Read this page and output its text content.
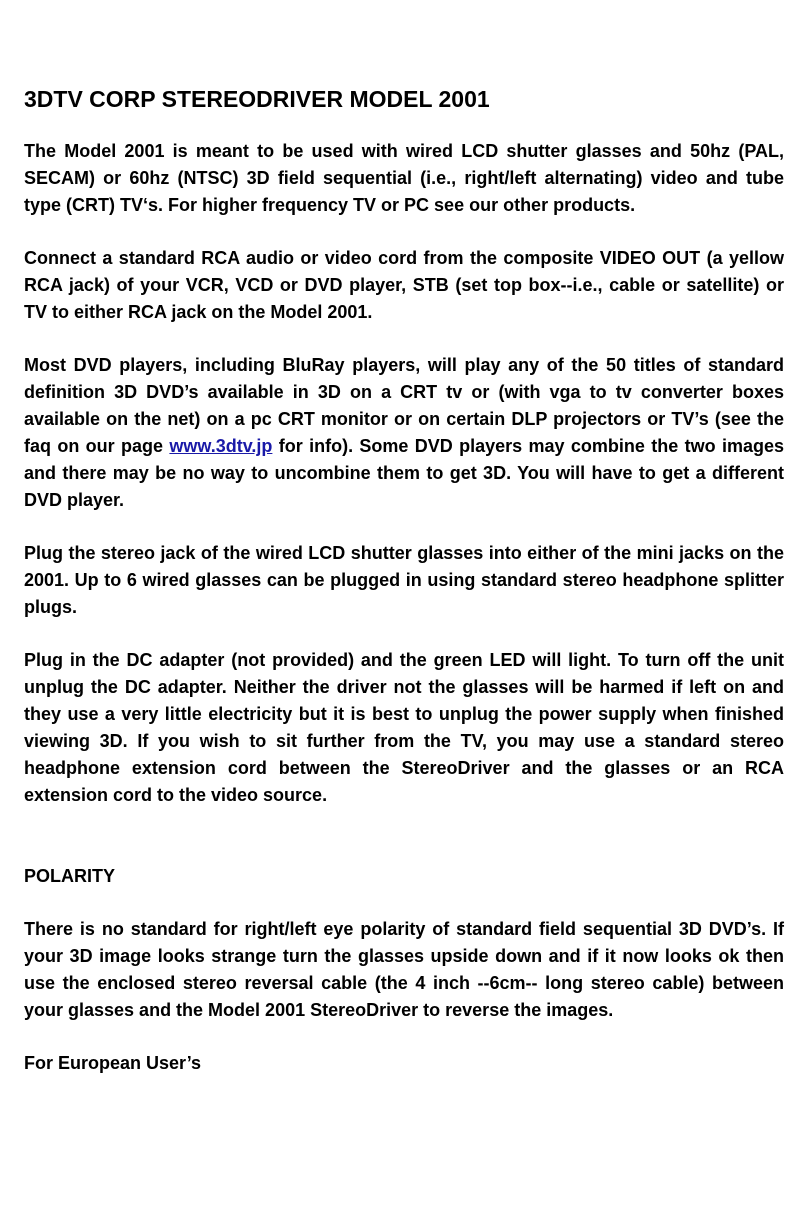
3DTV CORP STEREODRIVER MODEL 2001

The Model 2001 is meant to be used with wired LCD shutter glasses and 50hz (PAL, SECAM) or 60hz (NTSC) 3D field sequential (i.e., right/left alternating) video and tube type (CRT) TV‘s. For higher frequency TV or PC see our other products.

Connect a standard RCA audio or video cord from the composite VIDEO OUT (a yellow RCA jack) of your VCR, VCD or DVD player, STB (set top box--i.e., cable or satellite) or TV to either RCA jack on the Model 2001.

Most DVD players, including BluRay players, will play any of the 50 titles of standard definition 3D DVD’s available in 3D on a CRT tv or (with vga to tv converter boxes available on the net) on a pc CRT monitor or on certain DLP projectors or TV’s (see the faq on our page www.3dtv.jp for info). Some DVD players may combine the two images and there may be no way to uncombine them to get 3D. You will have to get a different DVD player.

Plug the stereo jack of the wired LCD shutter glasses into either of the mini jacks on the 2001. Up to 6 wired glasses can be plugged in using standard stereo headphone splitter plugs.

Plug in the DC adapter (not provided) and the green LED will light. To turn off the unit unplug the DC adapter. Neither the driver not the glasses will be harmed if left on and they use a very little electricity but it is best to unplug the power supply when finished viewing 3D. If you wish to sit further from the TV, you may use a standard stereo headphone extension cord between the StereoDriver and the glasses or an RCA extension cord to the video source.

POLARITY

There is no standard for right/left eye polarity of standard field sequential 3D DVD’s. If your 3D image looks strange turn the glasses upside down and if it now looks ok then use the enclosed stereo reversal cable (the 4 inch --6cm-- long stereo cable) between your glasses and the Model 2001 StereoDriver to reverse the images.

For European User’s
